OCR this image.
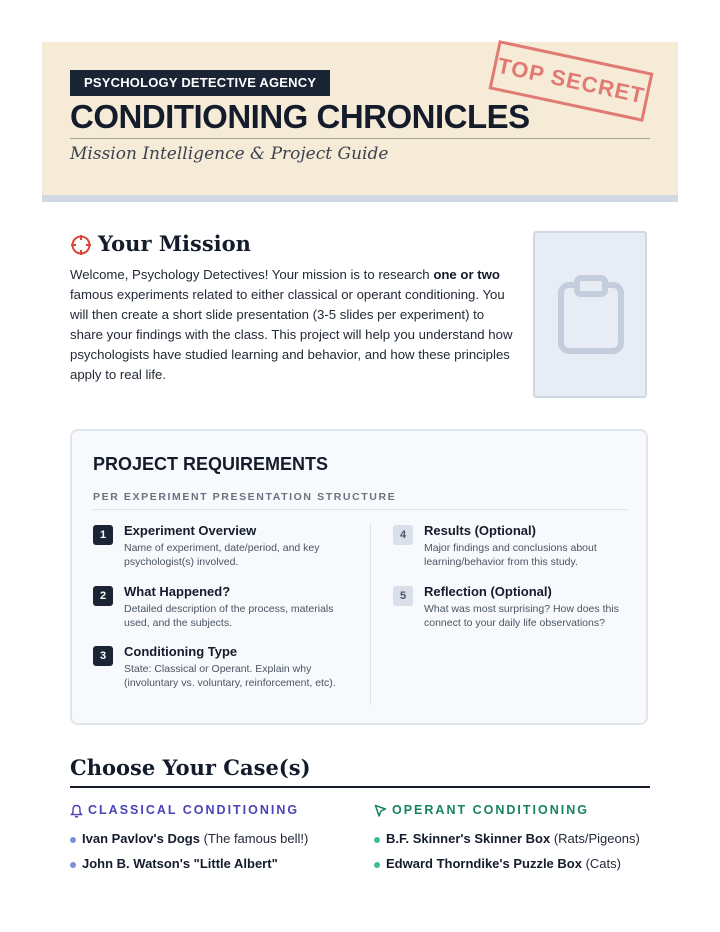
PSYCHOLOGY DETECTIVE AGENCY
CONDITIONING CHRONICLES
Mission Intelligence & Project Guide
TOP SECRET
Your Mission
Welcome, Psychology Detectives! Your mission is to research one or two famous experiments related to either classical or operant conditioning. You will then create a short slide presentation (3-5 slides per experiment) to share your findings with the class. This project will help you understand how psychologists have studied learning and behavior, and how these principles apply to real life.
PROJECT REQUIREMENTS
PER EXPERIMENT PRESENTATION STRUCTURE
1	Experiment Overview
Name of experiment, date/period, and key psychologist(s) involved.
2	What Happened?
Detailed description of the process, materials used, and the subjects.
3	Conditioning Type
State: Classical or Operant. Explain why (involuntary vs. voluntary, reinforcement, etc).
4	Results (Optional)
Major findings and conclusions about learning/behavior from this study.
5	Reflection (Optional)
What was most surprising? How does this connect to your daily life observations?
Choose Your Case(s)
CLASSICAL CONDITIONING	OPERANT CONDITIONING
Ivan Pavlov's Dogs (The famous bell!)
John B. Watson's "Little Albert"
B.F. Skinner's Skinner Box (Rats/Pigeons)
Edward Thorndike's Puzzle Box (Cats)
